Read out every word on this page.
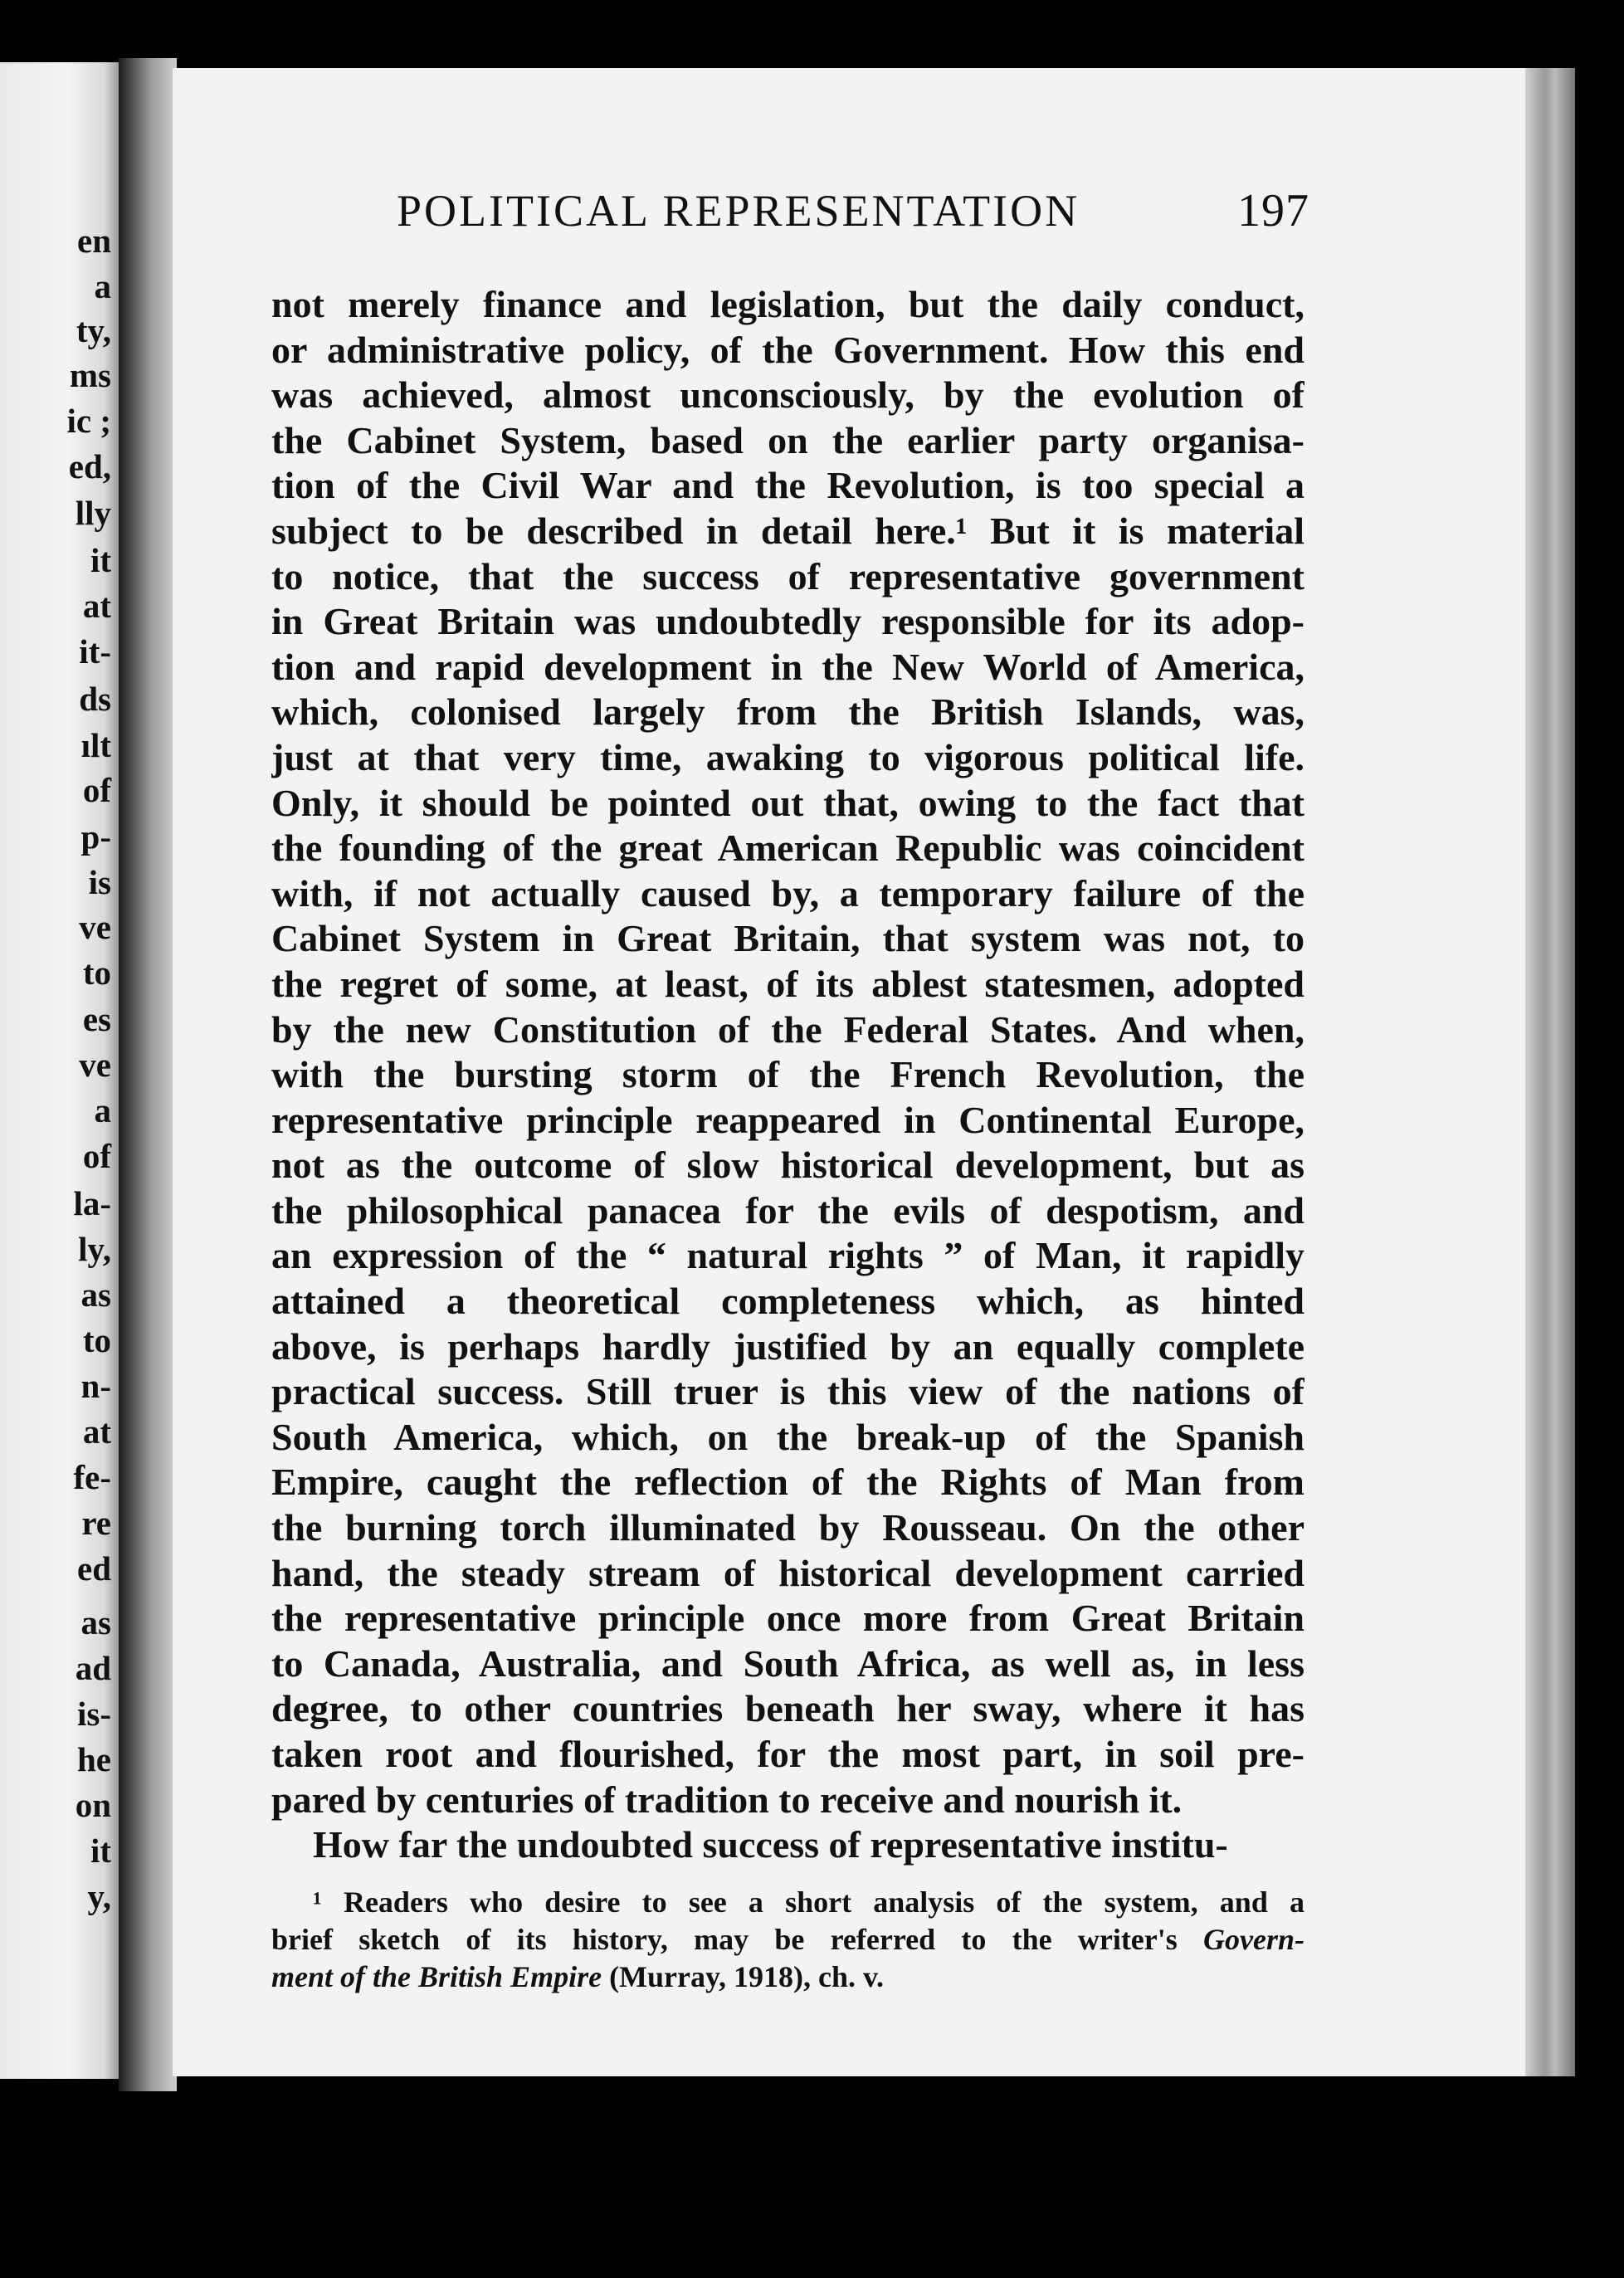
en
a
ty,
ms
ic ;
ed,
lly
it
at
it-
ds
ılt
of
p-
is
ve
to
es
ve
a
of
la-
ly,
as
to
n-
at
fe-
re
ed
as
ad
is-
he
on
it
y,
POLITICAL REPRESENTATION	197
not merely finance and legislation, but the daily conduct,
or administrative policy, of the Government. How this end
was achieved, almost unconsciously, by the evolution of
the Cabinet System, based on the earlier party organisa-
tion of the Civil War and the Revolution, is too special a
subject to be described in detail here.¹ But it is material
to notice, that the success of representative government
in Great Britain was undoubtedly responsible for its adop-
tion and rapid development in the New World of America,
which, colonised largely from the British Islands, was,
just at that very time, awaking to vigorous political life.
Only, it should be pointed out that, owing to the fact that
the founding of the great American Republic was coincident
with, if not actually caused by, a temporary failure of the
Cabinet System in Great Britain, that system was not, to
the regret of some, at least, of its ablest statesmen, adopted
by the new Constitution of the Federal States. And when,
with the bursting storm of the French Revolution, the
representative principle reappeared in Continental Europe,
not as the outcome of slow historical development, but as
the philosophical panacea for the evils of despotism, and
an expression of the “ natural rights ” of Man, it rapidly
attained a theoretical completeness which, as hinted
above, is perhaps hardly justified by an equally complete
practical success. Still truer is this view of the nations of
South America, which, on the break-up of the Spanish
Empire, caught the reflection of the Rights of Man from
the burning torch illuminated by Rousseau. On the other
hand, the steady stream of historical development carried
the representative principle once more from Great Britain
to Canada, Australia, and South Africa, as well as, in less
degree, to other countries beneath her sway, where it has
taken root and flourished, for the most part, in soil pre-
pared by centuries of tradition to receive and nourish it.
How far the undoubted success of representative institu-
¹ Readers who desire to see a short analysis of the system, and a
brief sketch of its history, may be referred to the writer's Govern-
ment of the British Empire (Murray, 1918), ch. v.
